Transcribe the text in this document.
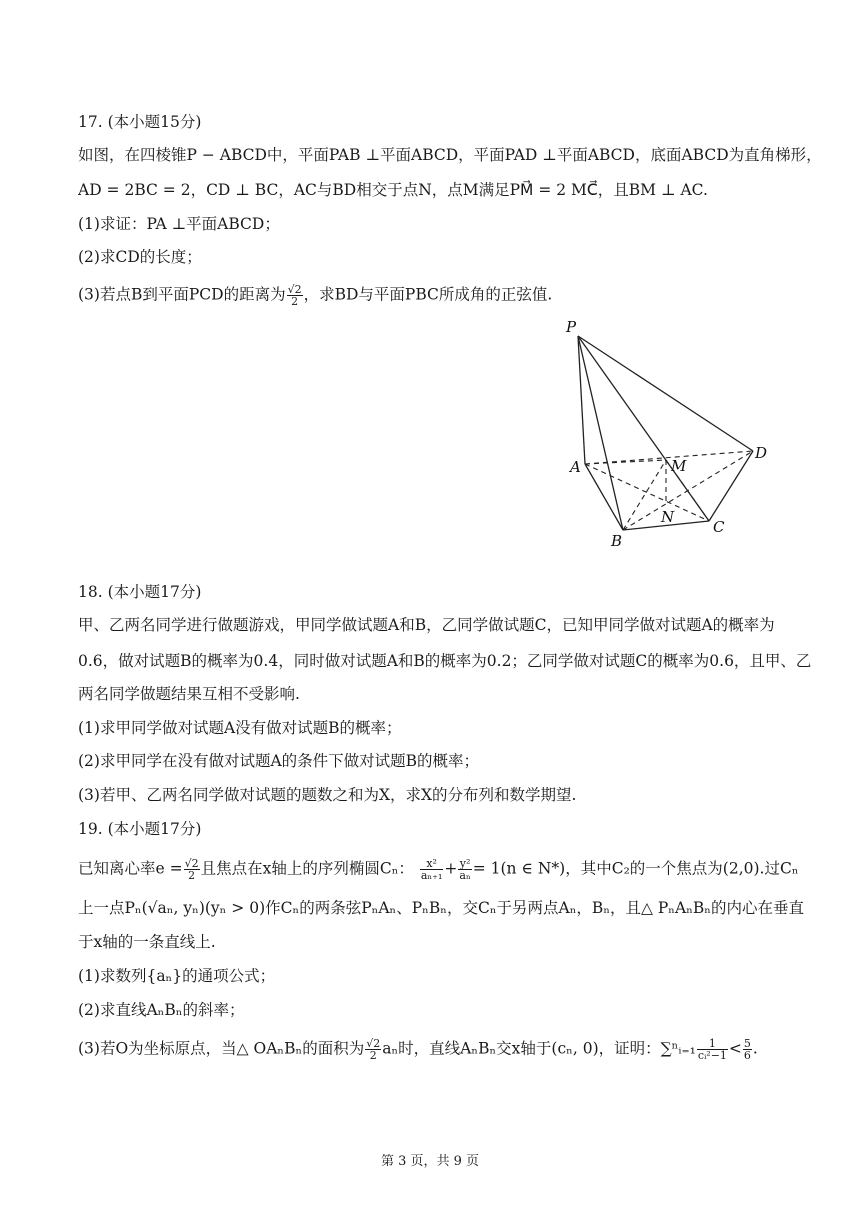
17. (本小题15分)
如图，在四棱锥P − ABCD中，平面PAB ⊥平面ABCD，平面PAD ⊥平面ABCD，底面ABCD为直角梯形，
AD = 2BC = 2，CD ⊥ BC，AC与BD相交于点N，点M满足PM⃗ = 2 MC⃗，且BM ⊥ AC.
(1)求证：PA ⊥平面ABCD；
(2)求CD的长度；
(3)若点B到平面PCD的距离为 $\frac{√2}{2}$ ，求BD与平面PBC所成角的正弦值.
P
A
B
C
D
M
N
18. (本小题17分)
甲、乙两名同学进行做题游戏，甲同学做试题A和B，乙同学做试题C，已知甲同学做对试题A的概率为
0.6，做对试题B的概率为0.4，同时做对试题A和B的概率为0.2；乙同学做对试题C的概率为0.6，且甲、乙
两名同学做题结果互相不受影响.
(1)求甲同学做对试题A没有做对试题B的概率；
(2)求甲同学在没有做对试题A的条件下做对试题B的概率；
(3)若甲、乙两名同学做对试题的题数之和为X，求X的分布列和数学期望.
19. (本小题17分)
已知离心率$e = \frac{√2}{2}$ 且焦点在x轴上的序列椭圆Cₙ： $\frac{\text{x²}}{\text{aₙ₊₁}} + \frac{\text{y²}}{\text{aₙ}} = 1(n$ ∈ N*)，其中C₂的一个焦点为(2,0).过Cₙ
上一点Pₙ(√aₙ, yₙ)(yₙ > 0)作Cₙ的两条弦PₙAₙ、PₙBₙ，交Cₙ于另两点Aₙ，Bₙ，且△ PₙAₙBₙ的内心在垂直
于x轴的一条直线上.
(1)求数列{aₙ}的通项公式；
(2)求直线AₙBₙ的斜率；
(3)若O为坐标原点，当△ OAₙBₙ的面积为 $\frac{√2}{2}$ aₙ时，直线AₙBₙ交x轴于(cₙ, 0)，证明：∑ⁿᵢ₌₁ $\frac{1}{\text{cᵢ²−1}} < \frac{5}{6}$ .
第 3 页，共 9 页
